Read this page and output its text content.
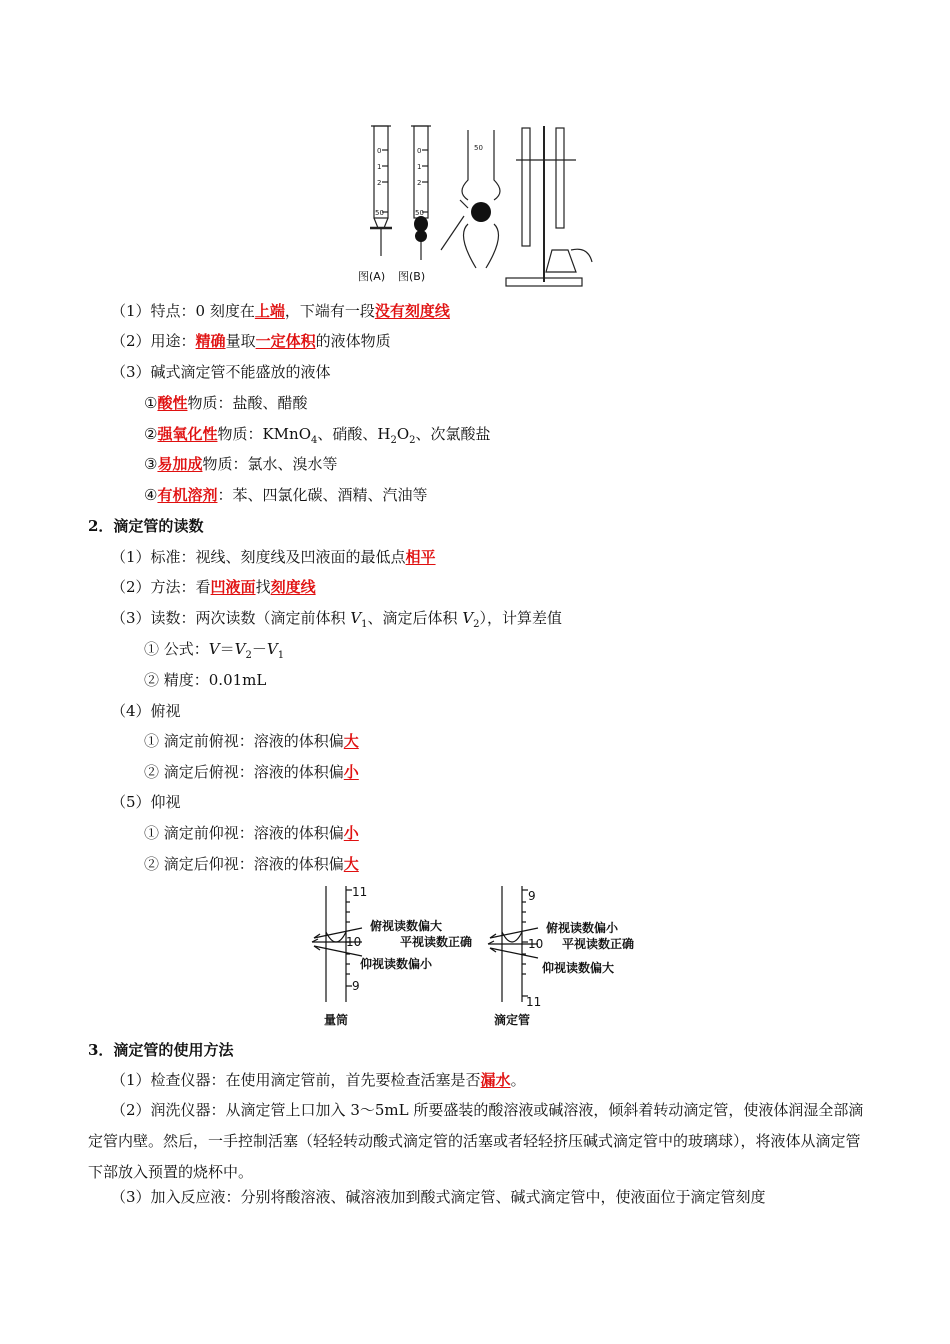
0
1
2
50
0
1
2
50
50
图(A) 图(B)
（1）特点：0 刻度在上端，下端有一段没有刻度线
（2）用途：精确量取一定体积的液体物质
（3）碱式滴定管不能盛放的液体
①酸性物质：盐酸、醋酸
②强氧化性物质：KMnO$_4$、硝酸、$H_2O_2$、次氯酸盐
③易加成物质：氯水、溴水等
④有机溶剂：苯、四氯化碳、酒精、汽油等
2．滴定管的读数
（1）标准：视线、刻度线及凹液面的最低点相平
（2）方法：看凹液面找刻度线
（3）读数：两次读数（滴定前体积 $V_1$、滴定后体积 $V_2$），计算差值
① 公式：$V=V_2-V_1$
② 精度：0.01mL
（4）俯视
① 滴定前俯视：溶液的体积偏大
② 滴定后俯视：溶液的体积偏小
（5）仰视
① 滴定前仰视：溶液的体积偏小
② 滴定后仰视：溶液的体积偏大
11
10
9
俯视读数偏大
平视读数正确
仰视读数偏小
量筒
9
10
11
俯视读数偏小
平视读数正确
仰视读数偏大
滴定管
3．滴定管的使用方法
（1）检查仪器：在使用滴定管前，首先要检查活塞是否漏水。
（2）润洗仪器：从滴定管上口加入 3～5mL 所要盛装的酸溶液或碱溶液，倾斜着转动滴定管，使液体润湿全部滴定管内壁。然后，一手控制活塞（轻轻转动酸式滴定管的活塞或者轻轻挤压碱式滴定管中的玻璃球），将液体从滴定管下部放入预置的烧杯中。
（3）加入反应液：分别将酸溶液、碱溶液加到酸式滴定管、碱式滴定管中，使液面位于滴定管刻度
